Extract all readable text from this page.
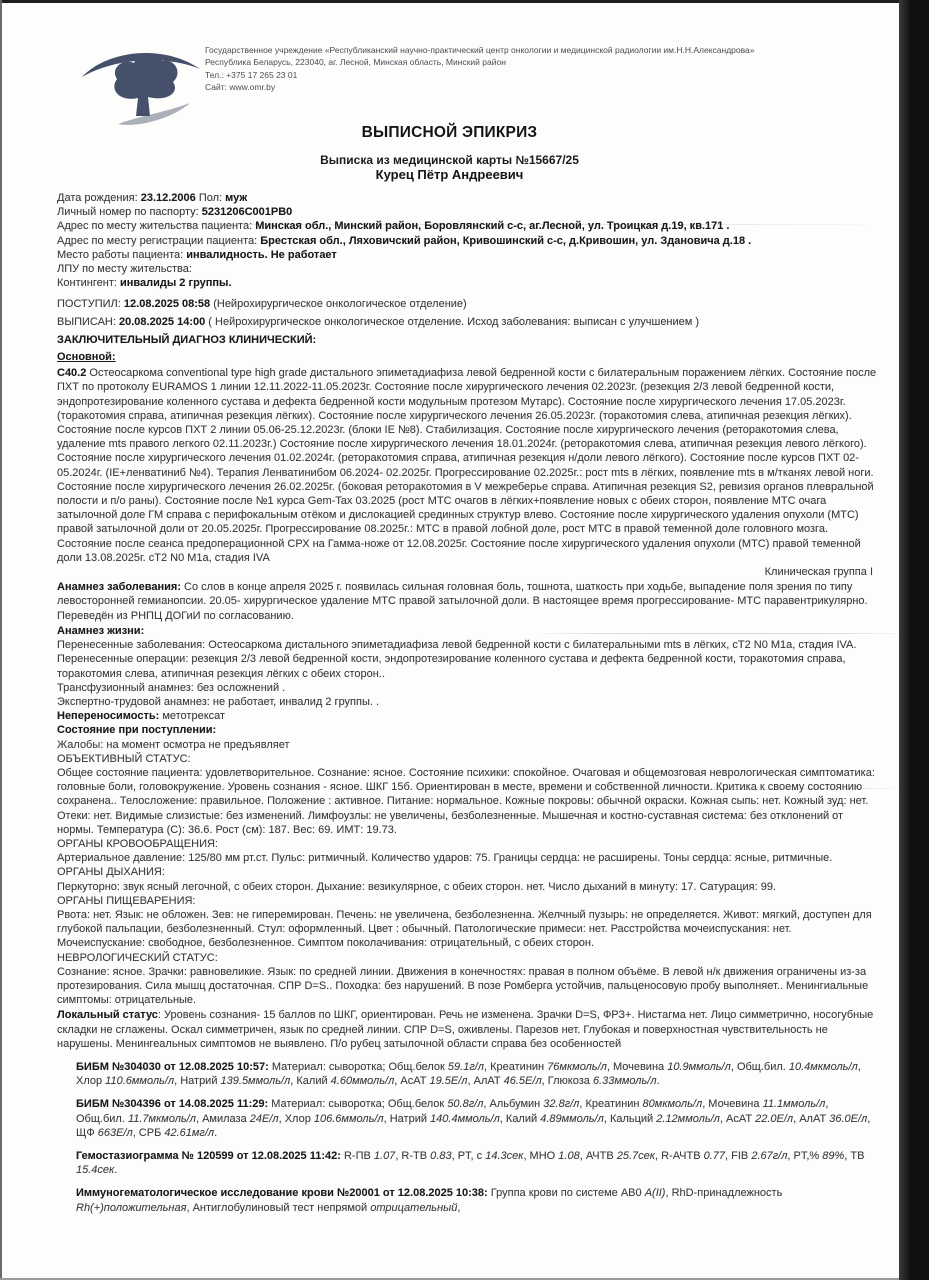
Государственное учреждение «Республиканский научно-практический центр онкологии и медицинской радиологии им.Н.Н.Александрова»
Республика Беларусь, 223040, аг. Лесной, Минская область, Минский район
Тел.: +375 17 265 23 01
Сайт: www.omr.by
ВЫПИСНОЙ ЭПИКРИЗ
Выписка из медицинской карты №15667/25
Курец Пётр Андреевич
Дата рождения: 23.12.2006 Пол: муж
Личный номер по паспорту: 5231206C001PB0
Адрес по месту жительства пациента: Минская обл., Минский район, Боровлянский с-с, аг.Лесной, ул. Троицкая д.19, кв.171 .
Адрес по месту регистрации пациента: Брестская обл., Ляховичский район, Кривошинский с-с, д.Кривошин, ул. Здановича д.18 .
Место работы пациента: инвалидность. Не работает
ЛПУ по месту жительства:
Контингент: инвалиды 2 группы.
ПОСТУПИЛ: 12.08.2025 08:58 (Нейрохирургическое онкологическое отделение)
ВЫПИСАН: 20.08.2025 14:00 ( Нейрохирургическое онкологическое отделение. Исход заболевания: выписан с улучшением )
ЗАКЛЮЧИТЕЛЬНЫЙ ДИАГНОЗ КЛИНИЧЕСКИЙ:
Основной:
C40.2 Остеосаркома conventional type high grade дистального эпиметадиафиза левой бедренной кости с билатеральным поражением лёгких. Состояние после ПХТ по протоколу EURAMOS 1 линии 12.11.2022-11.05.2023г. Состояние после хирургического лечения 02.2023г. (резекция 2/3 левой бедренной кости, эндопротезирование коленного сустава и дефекта бедренной кости модульным протезом Мутарс). Состояние после хирургического лечения 17.05.2023г. (торакотомия справа, атипичная резекция лёгких). Состояние после хирургического лечения 26.05.2023г. (торакотомия слева, атипичная резекция лёгких). Состояние после курсов ПХТ 2 линии 05.06-25.12.2023г. (блоки IE №8). Стабилизация. Состояние после хирургического лечения (реторакотомия слева, удаление mts правого легкого 02.11.2023г.) Состояние после хирургического лечения 18.01.2024г. (реторакотомия слева, атипичная резекция левого лёгкого). Состояние после хирургического лечения 01.02.2024г. (реторакотомия справа, атипичная резекция н/доли левого лёгкого). Состояние после курсов ПХТ 02-05.2024г. (IE+ленватиниб №4). Терапия Ленватинибом 06.2024- 02.2025г. Прогрессирование 02.2025г.: рост mts в лёгких, появление mts в м/тканях левой ноги. Состояние после хирургического лечения 26.02.2025г. (боковая реторакотомия в V межреберье справа. Атипичная резекция S2, ревизия органов плевральной полости и п/о раны). Состояние после №1 курса Gem-Tax 03.2025 (рост МТС очагов в лёгких+появление новых с обеих сторон, появление МТС очага затылочной доле ГМ справа с перифокальным отёком и дислокацией срединных структур влево. Состояние после хирургического удаления опухоли (МТС) правой затылочной доли от 20.05.2025г. Прогрессирование 08.2025г.: МТС в правой лобной доле, рост МТС в правой теменной доле головного мозга. Состояние после сеанса предоперационной СРХ на Гамма-ноже от 12.08.2025г. Состояние после хирургического удаления опухоли (МТС) правой теменной доли 13.08.2025г. сТ2 N0 M1a, стадия IVA
Клиническая группа I
Анамнез заболевания: Со слов в конце апреля 2025 г. появилась сильная головная боль, тошнота, шаткость при ходьбе, выпадение поля зрения по типу левосторонней гемианопсии. 20.05- хирургическое удаление МТС правой затылочной доли. В настоящее время прогрессирование- МТС паравентрикулярно. Переведён из РНПЦ ДОГиИ по согласованию.
Анамнез жизни:
Перенесенные заболевания: Остеосаркома дистального эпиметадиафиза левой бедренной кости с билатеральными mts в лёгких, сТ2 N0 M1a, стадия IVA.
Перенесенные операции: резекция 2/3 левой бедренной кости, эндопротезирование коленного сустава и дефекта бедренной кости, торакотомия справа, торакотомия слева, атипичная резекция лёгких с обеих сторон..
Трансфузионный анамнез: без осложнений .
Экспертно-трудовой анамнез: не работает, инвалид 2 группы. .
Непереносимость: метотрексат
Состояние при поступлении:
Жалобы: на момент осмотра не предъявляет
ОБЪЕКТИВНЫЙ СТАТУС:
Общее состояние пациента: удовлетворительное. Сознание: ясное. Состояние психики: спокойное. Очаговая и общемозговая неврологическая симптоматика: головные боли, головокружение. Уровень сознания - ясное. ШКГ 15б. Ориентирован в месте, времени и собственной личности. Критика к своему состоянию сохранена.. Телосложение: правильное. Положение : активное. Питание: нормальное. Кожные покровы: обычной окраски. Кожная сыпь: нет. Кожный зуд: нет. Отеки: нет. Видимые слизистые: без изменений. Лимфоузлы: не увеличены, безболезненные. Мышечная и костно-суставная система: без отклонений от нормы. Температура (С): 36.6. Рост (см): 187. Вес: 69. ИМТ: 19.73.
ОРГАНЫ КРОВООБРАЩЕНИЯ:
Артериальное давление: 125/80 мм рт.ст. Пульс: ритмичный. Количество ударов: 75. Границы сердца: не расширены. Тоны сердца: ясные, ритмичные.
ОРГАНЫ ДЫХАНИЯ:
Перкуторно: звук ясный легочной, с обеих сторон. Дыхание: везикулярное, с обеих сторон. нет. Число дыханий в минуту: 17. Сатурация: 99.
ОРГАНЫ ПИЩЕВАРЕНИЯ:
Рвота: нет. Язык: не обложен. Зев: не гиперемирован. Печень: не увеличена, безболезненна. Желчный пузырь: не определяется. Живот: мягкий, доступен для глубокой пальпации, безболезненный. Стул: оформленный. Цвет : обычный. Патологические примеси: нет. Расстройства мочеиспускания: нет. Мочеиспускание: свободное, безболезненное. Симптом поколачивания: отрицательный, с обеих сторон.
НЕВРОЛОГИЧЕСКИЙ СТАТУС:
Сознание: ясное. Зрачки: равновеликие. Язык: по средней линии. Движения в конечностях: правая в полном объёме. В левой н/к движения ограничены из-за протезирования. Сила мышц достаточная. СПР D=S.. Походка: без нарушений. В позе Ромберга устойчив, пальценосовую пробу выполняет.. Менингиальные симптомы: отрицательные.
Локальный статус: Уровень сознания- 15 баллов по ШКГ, ориентирован. Речь не изменена. Зрачки D=S, ФРЗ+. Нистагма нет. Лицо симметрично, носогубные складки не сглажены. Оскал симметричен, язык по средней линии. СПР D=S, оживлены. Парезов нет. Глубокая и поверхностная чувствительность не нарушены. Менингеальных симптомов не выявлено. П/о рубец затылочной области справа без особенностей
БИБМ №304030 от 12.08.2025 10:57: Материал: сыворотка; Общ.белок 59.1г/л, Креатинин 76мкмоль/л, Мочевина 10.9ммоль/л, Общ.бил. 10.4мкмоль/л, Хлор 110.6ммоль/л, Натрий 139.5ммоль/л, Калий 4.60ммоль/л, АсАТ 19.5Е/л, АлАТ 46.5Е/л, Глюкоза 6.33ммоль/л.
БИБМ №304396 от 14.08.2025 11:29: Материал: сыворотка; Общ.белок 50.8г/л, Альбумин 32.8г/л, Креатинин 80мкмоль/л, Мочевина 11.1ммоль/л, Общ.бил. 11.7мкмоль/л, Амилаза 24Е/л, Хлор 106.6ммоль/л, Натрий 140.4ммоль/л, Калий 4.89ммоль/л, Кальций 2.12ммоль/л, АсАТ 22.0Е/л, АлАТ 36.0Е/л, ЩФ 663Е/л, СРБ 42.61мг/л.
Гемостазиограмма № 120599 от 12.08.2025 11:42: R-ПВ 1.07, R-ТВ 0.83, PT, с 14.3сек, МНО 1.08, АЧТВ 25.7сек, R-АЧТВ 0.77, FIB 2.67г/л, PT,% 89%, ТВ 15.4сек.
Иммуногематологическое исследование крови №20001 от 12.08.2025 10:38: Группа крови по системе АВ0 A(II), RhD-принадлежность Rh(+)положительная, Антиглобулиновый тест непрямой отрицательный,
